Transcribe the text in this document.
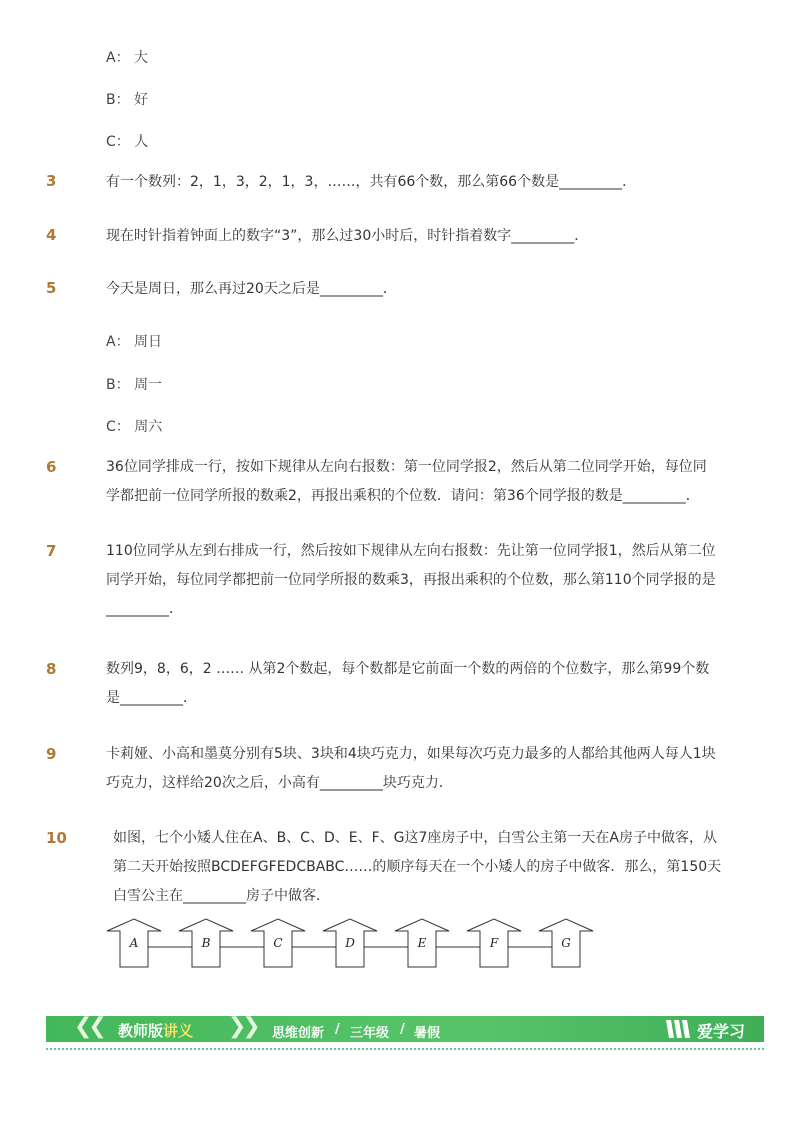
A： 大
B： 好
C： 人
3	有一个数列：2，1，3，2，1，3，……，共有66个数，那么第66个数是_________．
4	现在时针指着钟面上的数字“3”，那么过30小时后，时针指着数字_________．
5	今天是周日，那么再过20天之后是_________．
A： 周日
B： 周一
C： 周六
6	36位同学排成一行，按如下规律从左向右报数：第一位同学报2，然后从第二位同学开始，每位同学都把前一位同学所报的数乘2，再报出乘积的个位数．请问：第36个同学报的数是_________．
7	110位同学从左到右排成一行，然后按如下规律从左向右报数：先让第一位同学报1，然后从第二位同学开始，每位同学都把前一位同学所报的数乘3，再报出乘积的个位数，那么第110个同学报的是_________．
8	数列9，8，6，2 …… 从第2个数起，每个数都是它前面一个数的两倍的个位数字，那么第99个数是_________．
9	卡莉娅、小高和墨莫分别有5块、3块和4块巧克力，如果每次巧克力最多的人都给其他两人每人1块巧克力，这样给20次之后，小高有_________块巧克力．
10	如图，七个小矮人住在A、B、C、D、E、F、G这7座房子中，白雪公主第一天在A房子中做客，从第二天开始按照BCDEFGFEDCBABC……的顺序每天在一个小矮人的房子中做客．那么，第150天白雪公主在_________房子中做客．
A	B	C	D	E	F	G
❮❮ 教师版讲义 ❯❯ 思维创新 / 三年级 / 暑假	爱学习
